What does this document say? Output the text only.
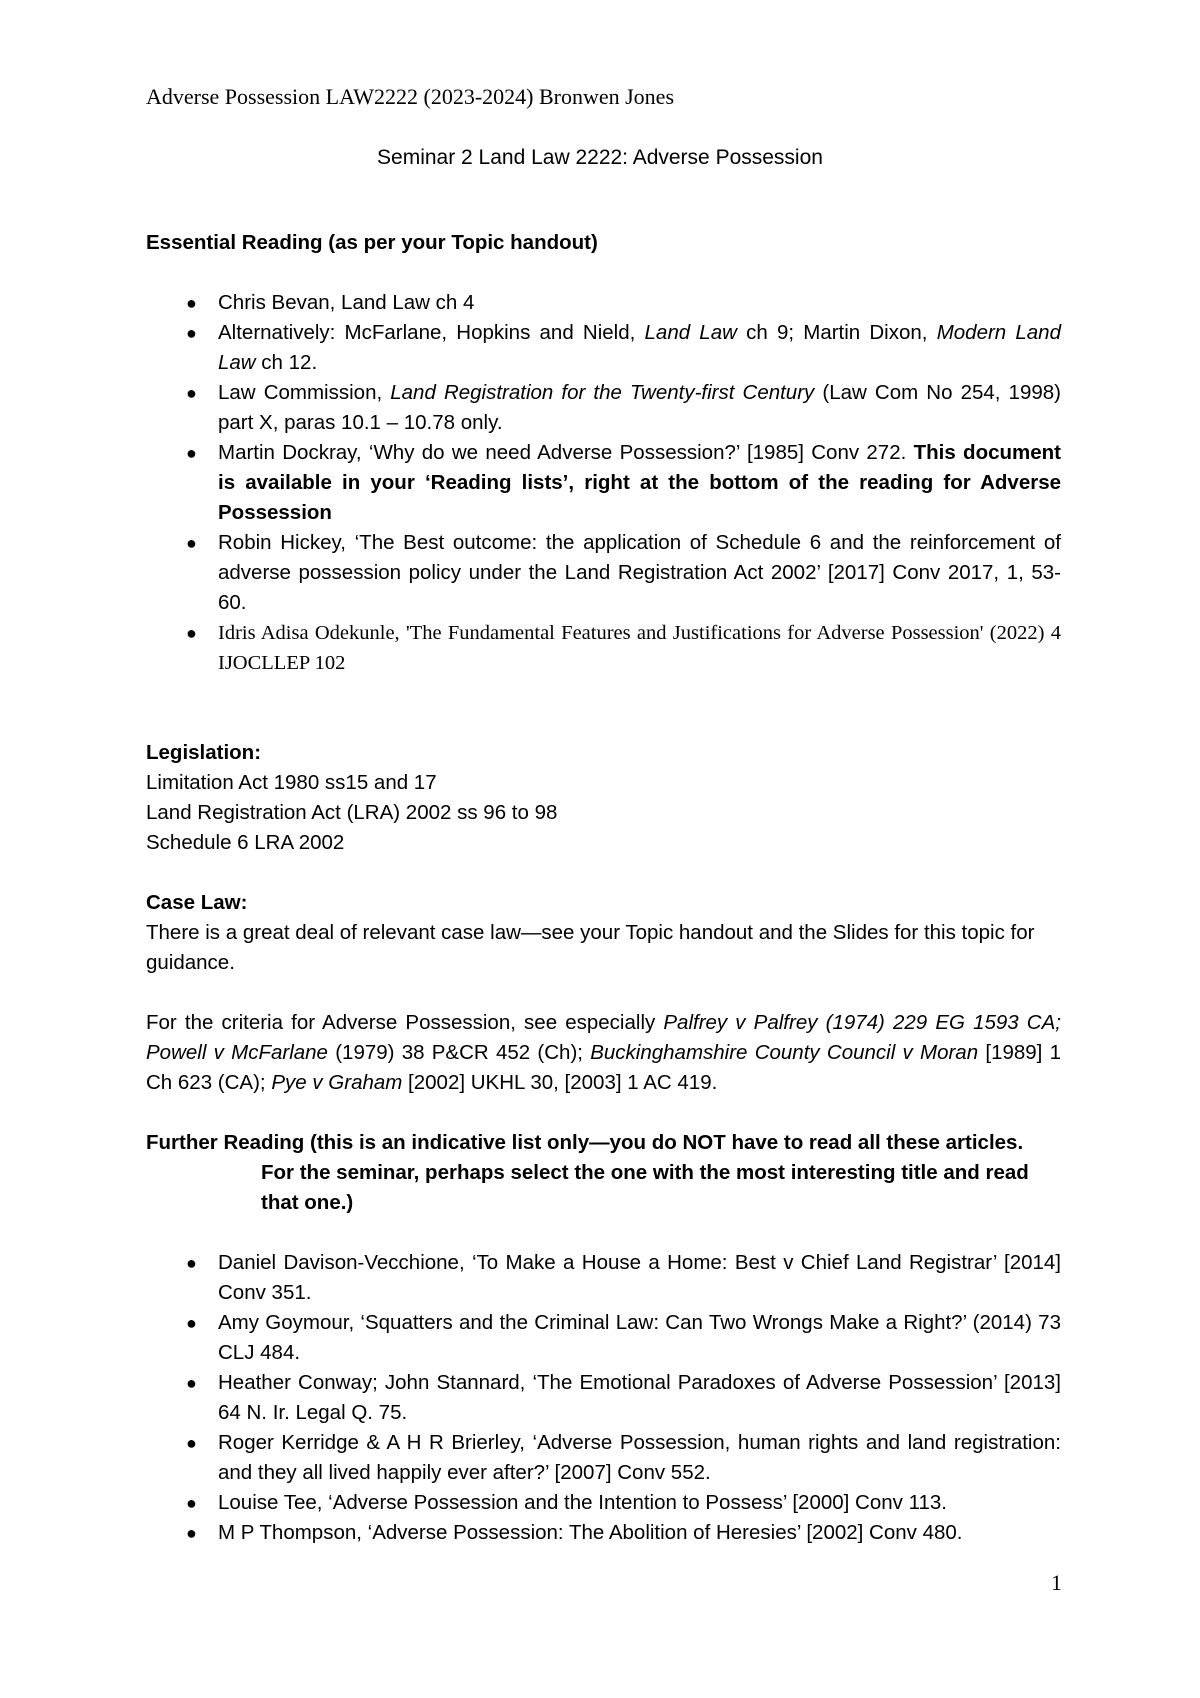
Adverse Possession LAW2222 (2023-2024) Bronwen Jones
Seminar 2 Land Law 2222: Adverse Possession

Essential Reading (as per your Topic handout)

● Chris Bevan, Land Law ch 4
● Alternatively: McFarlane, Hopkins and Nield, Land Law ch 9; Martin Dixon, Modern Land Law ch 12.
● Law Commission, Land Registration for the Twenty-first Century (Law Com No 254, 1998) part X, paras 10.1 – 10.78 only.
● Martin Dockray, ‘Why do we need Adverse Possession?’ [1985] Conv 272. This document is available in your ‘Reading lists’, right at the bottom of the reading for Adverse Possession
● Robin Hickey, ‘The Best outcome: the application of Schedule 6 and the reinforcement of adverse possession policy under the Land Registration Act 2002’ [2017] Conv 2017, 1, 53-60.
● Idris Adisa Odekunle, 'The Fundamental Features and Justifications for Adverse Possession' (2022) 4 IJOCLLEP 102

Legislation:

Limitation Act 1980 ss15 and 17

Land Registration Act (LRA) 2002 ss 96 to 98

Schedule 6 LRA 2002

Case Law:

There is a great deal of relevant case law—see your Topic handout and the Slides for this topic for guidance.

For the criteria for Adverse Possession, see especially Palfrey v Palfrey (1974) 229 EG 1593 CA; Powell v McFarlane (1979) 38 P&CR 452 (Ch); Buckinghamshire County Council v Moran [1989] 1 Ch 623 (CA); Pye v Graham [2002] UKHL 30, [2003] 1 AC 419.

Further Reading (this is an indicative list only—you do NOT have to read all these articles.

For the seminar, perhaps select the one with the most interesting title and read that one.)

● Daniel Davison-Vecchione, ‘To Make a House a Home: Best v Chief Land Registrar’ [2014] Conv 351.
● Amy Goymour, ‘Squatters and the Criminal Law: Can Two Wrongs Make a Right?’ (2014) 73 CLJ 484.
● Heather Conway; John Stannard, ‘The Emotional Paradoxes of Adverse Possession’ [2013] 64 N. Ir. Legal Q. 75.
● Roger Kerridge & A H R Brierley, ‘Adverse Possession, human rights and land registration: and they all lived happily ever after?’ [2007] Conv 552.
● Louise Tee, ‘Adverse Possession and the Intention to Possess’ [2000] Conv 113.
● M P Thompson, ‘Adverse Possession: The Abolition of Heresies’ [2002] Conv 480.
1
